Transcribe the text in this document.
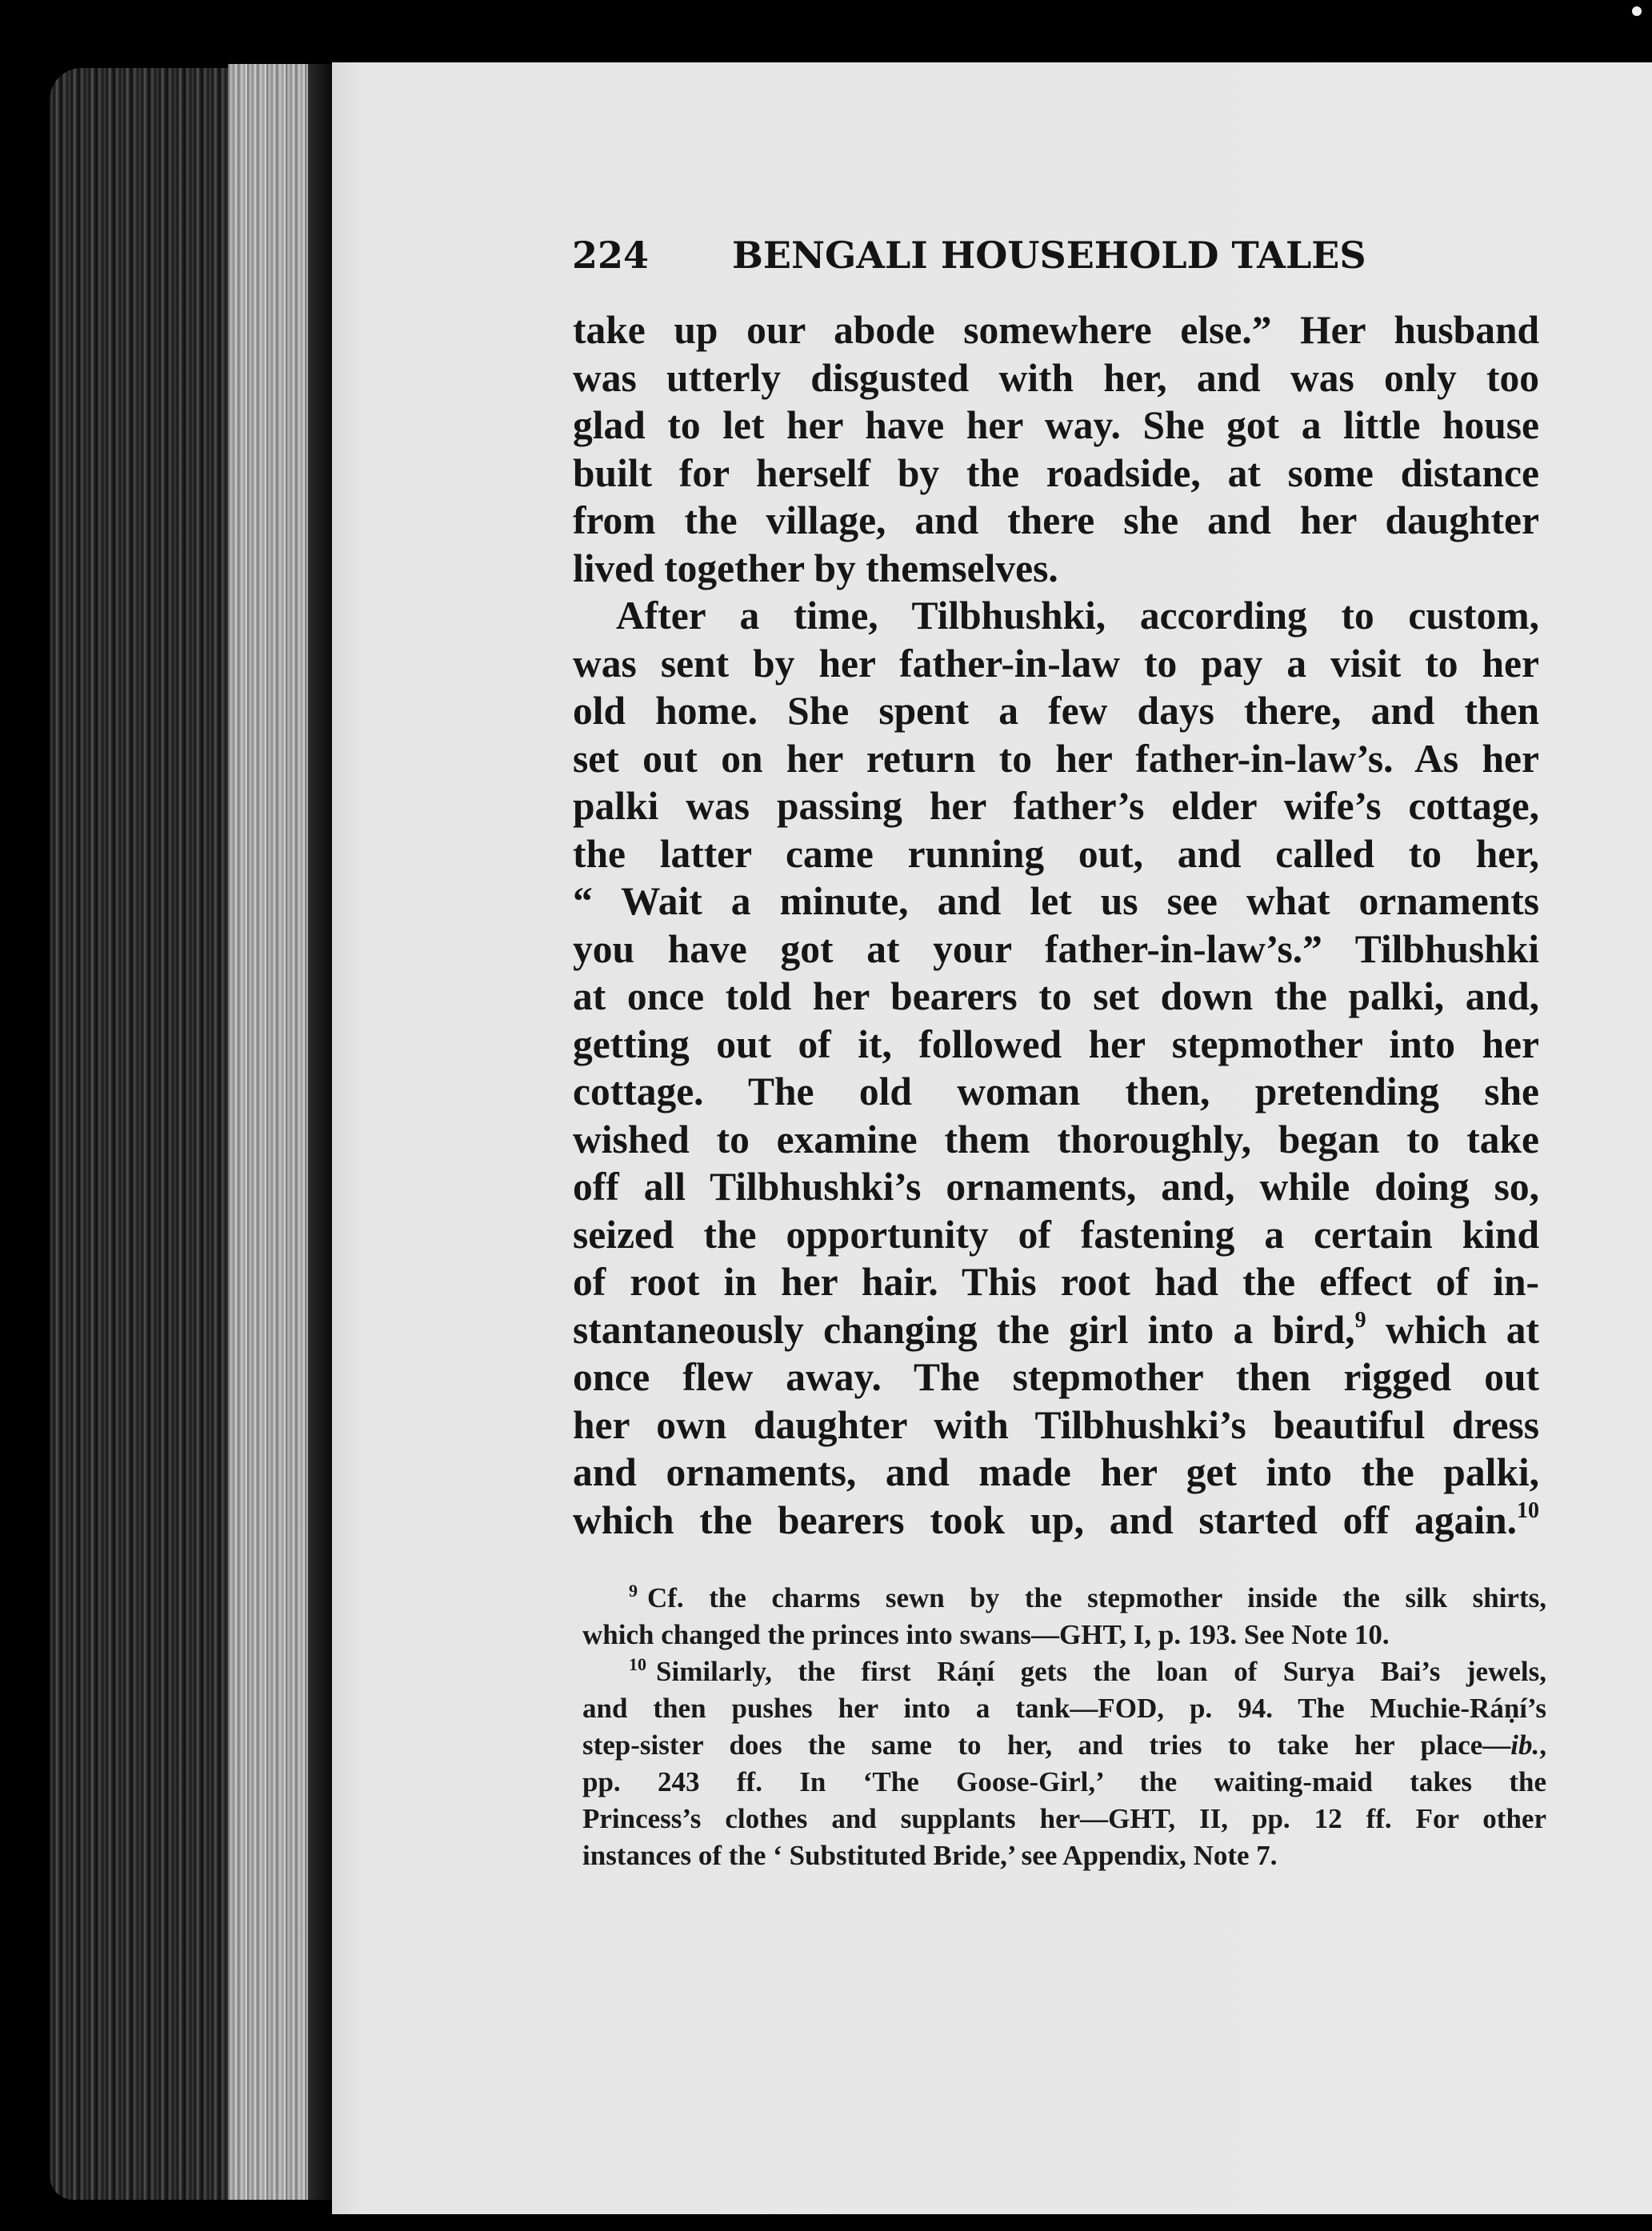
224 BENGALI HOUSEHOLD TALES
take up our abode somewhere else.” Her husband
was utterly disgusted with her, and was only too
glad to let her have her way. She got a little house
built for herself by the roadside, at some distance
from the village, and there she and her daughter
lived together by themselves.
After a time, Tilbhushki, according to custom,
was sent by her father-in-law to pay a visit to her
old home. She spent a few days there, and then
set out on her return to her father-in-law’s. As her
palki was passing her father’s elder wife’s cottage,
the latter came running out, and called to her,
“ Wait a minute, and let us see what ornaments
you have got at your father-in-law’s.” Tilbhushki
at once told her bearers to set down the palki, and,
getting out of it, followed her stepmother into her
cottage. The old woman then, pretending she
wished to examine them thoroughly, began to take
off all Tilbhushki’s ornaments, and, while doing so,
seized the opportunity of fastening a certain kind
of root in her hair. This root had the effect of in-
stantaneously changing the girl into a bird,$^9$ which at
once flew away. The stepmother then rigged out
her own daughter with Tilbhushki’s beautiful dress
and ornaments, and made her get into the palki,
which the bearers took up, and started off again.$^{10}$
$^9$ Cf. the charms sewn by the stepmother inside the silk shirts,
which changed the princes into swans—GHT, I, p. 193. See Note 10.
$^{10}$ Similarly, the first Ráṇí gets the loan of Surya Bai’s jewels,
and then pushes her into a tank—FOD, p. 94. The Muchie-Ráṇí’s
step-sister does the same to her, and tries to take her place—ib.,
pp. 243 ff. In ‘The Goose-Girl,’ the waiting-maid takes the
Princess’s clothes and supplants her—GHT, II, pp. 12 ff. For other
instances of the ‘ Substituted Bride,’ see Appendix, Note 7.
